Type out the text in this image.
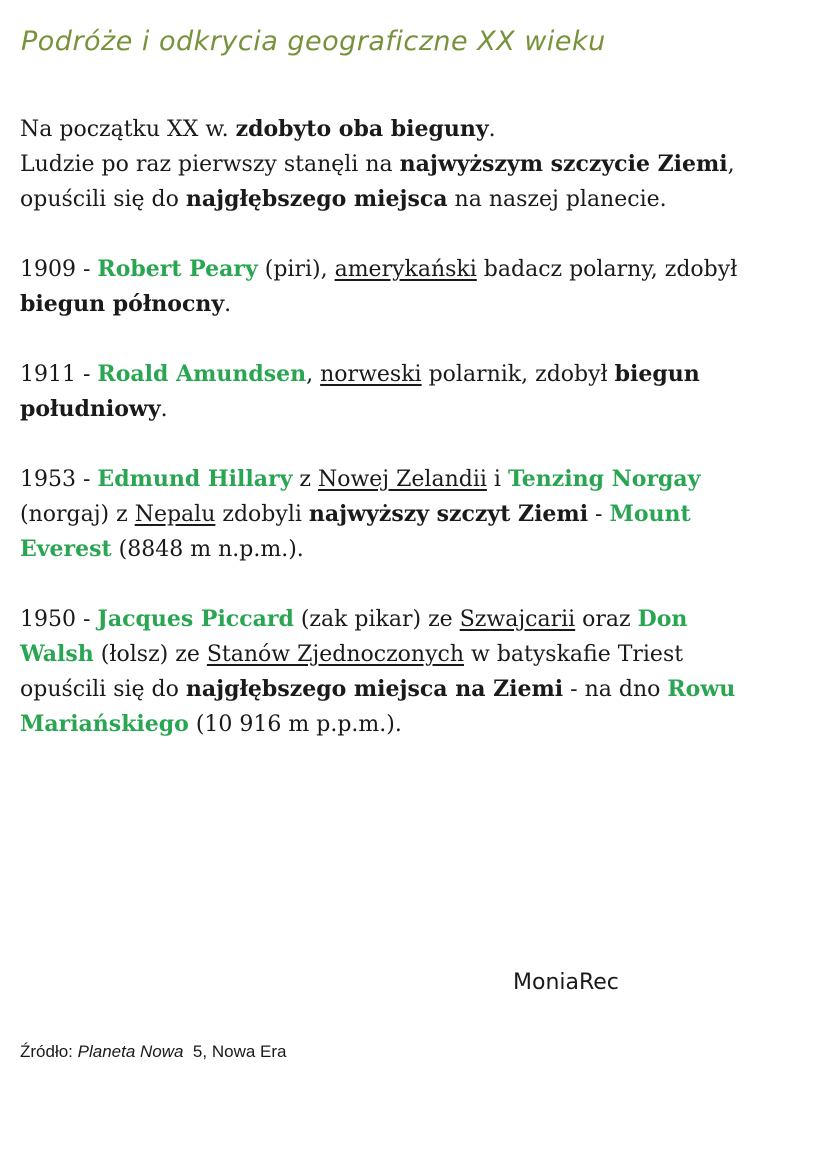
Podróże i odkrycia geograficzne XX wieku

Na początku XX w. zdobyto oba bieguny.
Ludzie po raz pierwszy stanęli na najwyższym szczycie Ziemi,
opuścili się do najgłębszego miejsca na naszej planecie.

1909 - Robert Peary (piri), amerykański badacz polarny, zdobył
biegun północny.

1911 - Roald Amundsen, norweski polarnik, zdobył biegun
południowy.

1953 - Edmund Hillary z Nowej Zelandii i Tenzing Norgay
(norgaj) z Nepalu zdobyli najwyższy szczyt Ziemi - Mount
Everest (8848 m n.p.m.).

1950 - Jacques Piccard (zak pikar) ze Szwajcarii oraz Don
Walsh (łolsz) ze Stanów Zjednoczonych w batyskafie Triest
opuścili się do najgłębszego miejsca na Ziemi - na dno Rowu
Mariańskiego (10 916 m p.p.m.).

MoniaRec
Źródło: Planeta Nowa  5, Nowa Era
